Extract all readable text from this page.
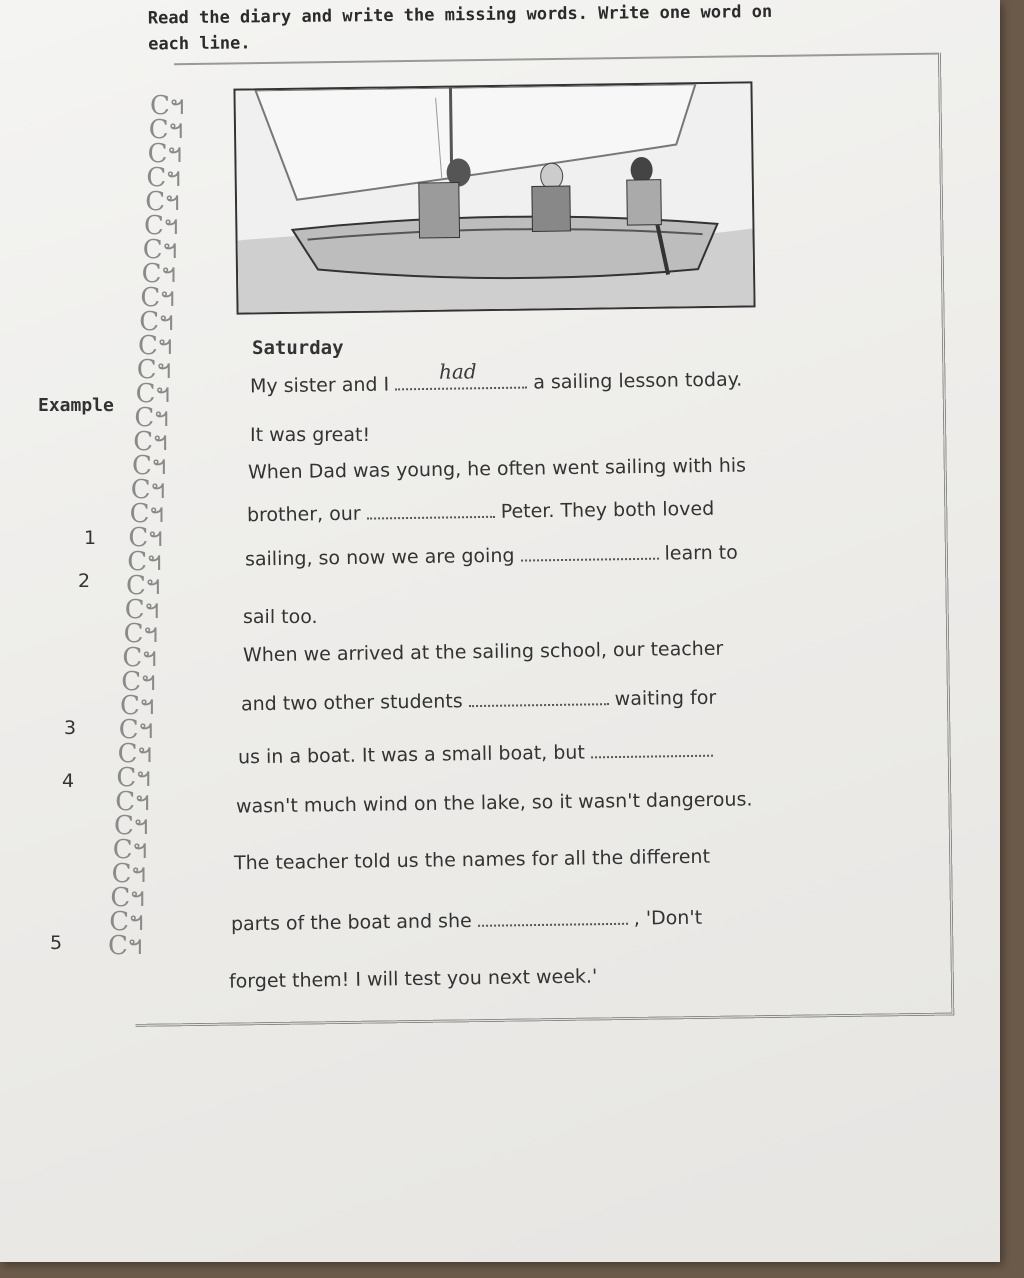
Read the diary and write the missing words. Write one word on each line.

Cฯ
Cฯ
Cฯ
Cฯ
Cฯ
Cฯ
Cฯ
Cฯ
Cฯ
Cฯ
Cฯ
Cฯ
Cฯ
Cฯ
Cฯ
Cฯ
Cฯ
Cฯ
Cฯ
Cฯ
Cฯ
Cฯ
Cฯ
Cฯ
Cฯ
Cฯ
Cฯ
Cฯ
Cฯ
Cฯ
Cฯ
Cฯ
Cฯ
Cฯ
Cฯ
Cฯ
Saturday
Example
My sister and I
had	a sailing lesson today.
It was great!
When Dad was young, he often went sailing with his
1
brother, our	Peter. They both loved
2
sailing, so now we are going	learn to
sail too.
When we arrived at the sailing school, our teacher
3
and two other students	waiting for
4
us in a boat. It was a small boat, but
wasn't much wind on the lake, so it wasn't dangerous.
The teacher told us the names for all the different
5
parts of the boat and she	, 'Don't
forget them! I will test you next week.'
